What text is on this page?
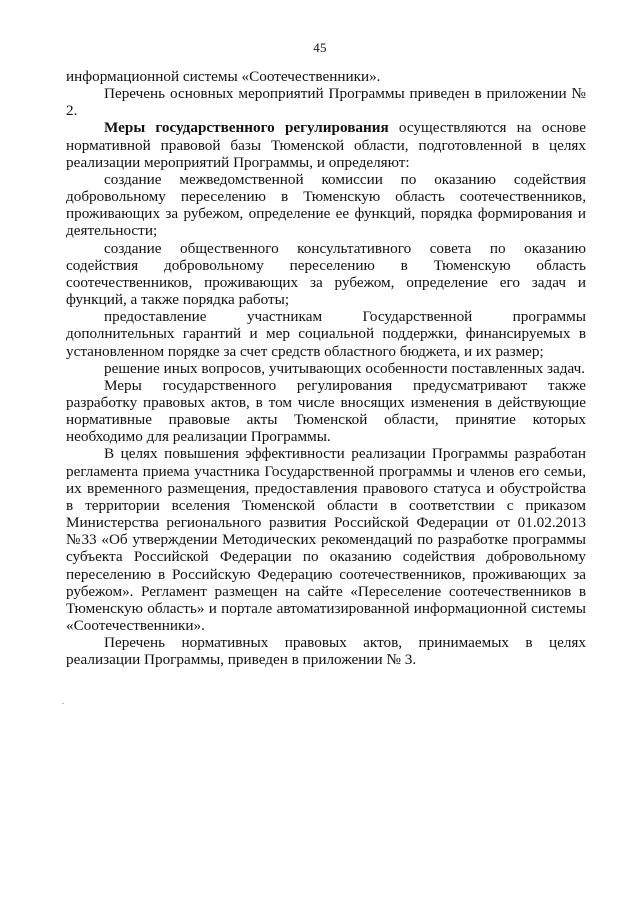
45

информационной системы «Соотечественники».

Перечень основных мероприятий Программы приведен в приложении № 2.

Меры государственного регулирования осуществляются на основе нормативной правовой базы Тюменской области, подготовленной в целях реализации мероприятий Программы, и определяют:

создание межведомственной комиссии по оказанию содействия добровольному переселению в Тюменскую область соотечественников, проживающих за рубежом, определение ее функций, порядка формирования и деятельности;

создание общественного консультативного совета по оказанию содействия добровольному переселению в Тюменскую область соотечественников, проживающих за рубежом, определение его задач и функций, а также порядка работы;

предоставление участникам Государственной программы дополнительных гарантий и мер социальной поддержки, финансируемых в установленном порядке за счет средств областного бюджета, и их размер;

решение иных вопросов, учитывающих особенности поставленных задач.

Меры государственного регулирования предусматривают также разработку правовых актов, в том числе вносящих изменения в действующие нормативные правовые акты Тюменской области, принятие которых необходимо для реализации Программы.

В целях повышения эффективности реализации Программы разработан регламента приема участника Государственной программы и членов его семьи, их временного размещения, предоставления правового статуса и обустройства в территории вселения Тюменской области в соответствии с приказом Министерства регионального развития Российской Федерации от 01.02.2013 №33 «Об утверждении Методических рекомендаций по разработке программы субъекта Российской Федерации по оказанию содействия добровольному переселению в Российскую Федерацию соотечественников, проживающих за рубежом». Регламент размещен на сайте «Переселение соотечественников в Тюменскую область» и портале автоматизированной информационной системы «Соотечественники».

Перечень нормативных правовых актов, принимаемых в целях реализации Программы, приведен в приложении № 3.
